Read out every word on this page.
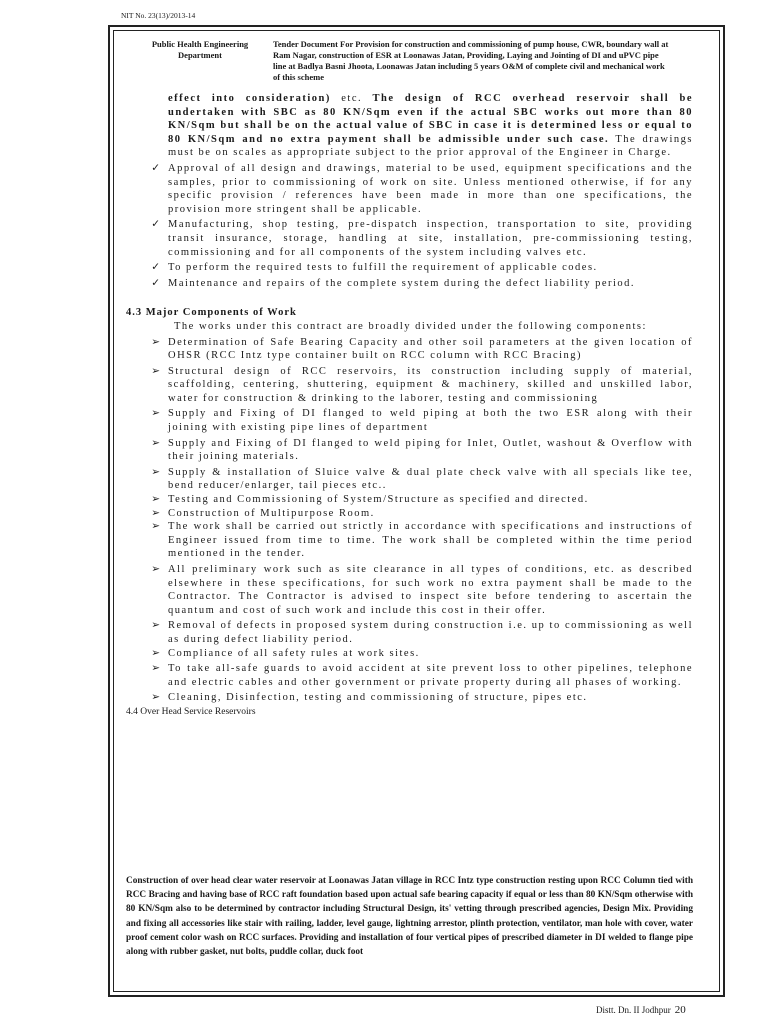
NIT No. 23(13)/2013-14
Public Health Engineering
Department
Tender Document For Provision for construction and commissioning of pump house, CWR, boundary wall at
Ram Nagar, construction of ESR at Loonawas Jatan, Providing, Laying and Jointing of DI and uPVC pipe
line at Badlya Basni Jhoota, Loonawas Jatan including 5 years O&M of complete civil and mechanical work
of this scheme
effect into consideration) etc. The design of RCC overhead reservoir shall be undertaken with SBC as 80 KN/Sqm even if the actual SBC works out more than 80 KN/Sqm but shall be on the actual value of SBC in case it is determined less or equal to 80 KN/Sqm and no extra payment shall be admissible under such case. The drawings must be on scales as appropriate subject to the prior approval of the Engineer in Charge.
✓ Approval of all design and drawings, material to be used, equipment specifications and the samples, prior to commissioning of work on site. Unless mentioned otherwise, if for any specific provision / references have been made in more than one specifications, the provision more stringent shall be applicable.
✓ Manufacturing, shop testing, pre-dispatch inspection, transportation to site, providing transit insurance, storage, handling at site, installation, pre-commissioning testing, commissioning and for all components of the system including valves etc.
✓ To perform the required tests to fulfill the requirement of applicable codes.
✓ Maintenance and repairs of the complete system during the defect liability period.
4.3 Major Components of Work
The works under this contract are broadly divided under the following components:
➢ Determination of Safe Bearing Capacity and other soil parameters at the given location of OHSR (RCC Intz type container built on RCC column with RCC Bracing)
➢ Structural design of RCC reservoirs, its construction including supply of material, scaffolding, centering, shuttering, equipment & machinery, skilled and unskilled labor, water for construction & drinking to the laborer, testing and commissioning
➢ Supply and Fixing of DI flanged to weld piping at both the two ESR along with their joining with existing pipe lines of department
➢ Supply and Fixing of DI flanged to weld piping for Inlet, Outlet, washout & Overflow with their joining materials.
➢ Supply & installation of Sluice valve & dual plate check valve with all specials like tee, bend reducer/enlarger, tail pieces etc..
➢ Testing and Commissioning of System/Structure as specified and directed.
➢ Construction of Multipurpose Room.
➢ The work shall be carried out strictly in accordance with specifications and instructions of Engineer issued from time to time. The work shall be completed within the time period mentioned in the tender.
➢ All preliminary work such as site clearance in all types of conditions, etc. as described elsewhere in these specifications, for such work no extra payment shall be made to the Contractor. The Contractor is advised to inspect site before tendering to ascertain the quantum and cost of such work and include this cost in their offer.
➢ Removal of defects in proposed system during construction i.e. up to commissioning as well as during defect liability period.
➢ Compliance of all safety rules at work sites.
➢ To take all-safe guards to avoid accident at site prevent loss to other pipelines, telephone and electric cables and other government or private property during all phases of working.
➢ Cleaning, Disinfection, testing and commissioning of structure, pipes etc.
4.4 Over Head Service Reservoirs
Construction of over head clear water reservoir at Loonawas Jatan village in RCC Intz type construction resting upon RCC Column tied with RCC Bracing and having base of RCC raft foundation based upon actual safe bearing capacity if equal or less than 80 KN/Sqm otherwise with 80 KN/Sqm also to be determined by contractor including Structural Design, its' vetting through prescribed agencies, Design Mix. Providing and fixing all accessories like stair with railing, ladder, level gauge, lightning arrestor, plinth protection, ventilator, man hole with cover, water proof cement color wash on RCC surfaces. Providing and installation of four vertical pipes of prescribed diameter in DI welded to flange pipe along with rubber gasket, nut bolts, puddle collar, duck foot
Distt. Dn. II Jodhpur 20
